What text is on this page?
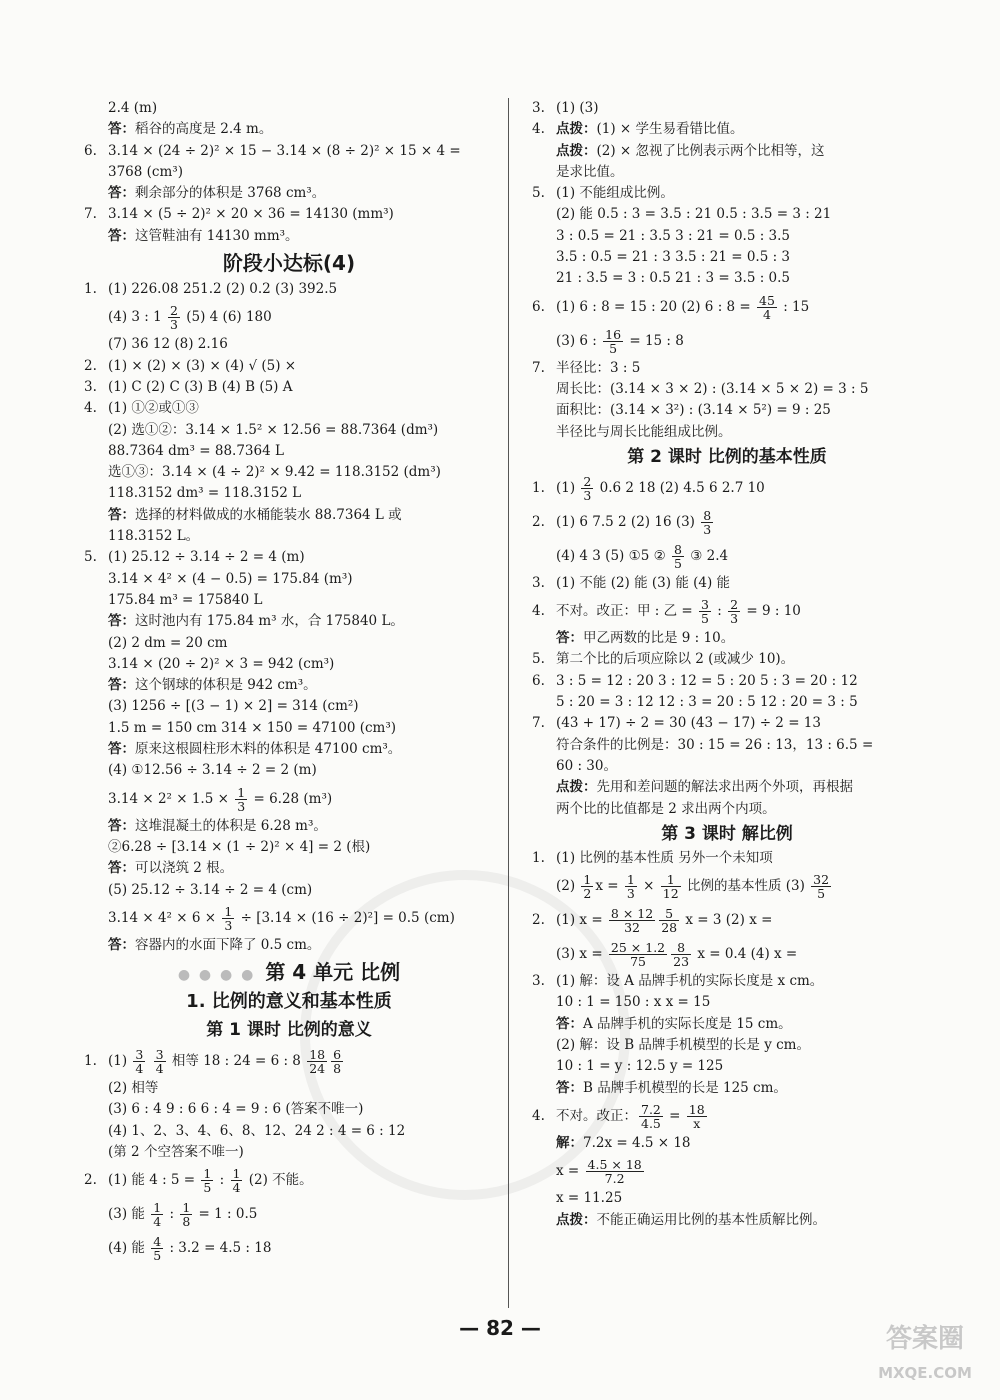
2.4 (m)
答：稻谷的高度是 2.4 m。
6. 3.14 × (24 ÷ 2)² × 15 − 3.14 × (8 ÷ 2)² × 15 × 4 =
3768 (cm³)
答：剩余部分的体积是 3768 cm³。
7. 3.14 × (5 ÷ 2)² × 20 × 36 = 14130 (mm³)
答：这管鞋油有 14130 mm³。
阶段小达标(4)
1. (1) 226.08 251.2 (2) 0.2 (3) 392.5
(4) 3 : $1 \frac{2}{3} (5)$ 4 (6) 180
(7) 36 12 (8) 2.16
2. (1) × (2) × (3) × (4) √ (5) ×
3. (1) C (2) C (3) B (4) B (5) A
4. (1) ①②或①③
(2) 选①②：3.14 × 1.5² × 12.56 = 88.7364 (dm³)
88.7364 dm³ = 88.7364 L
选①③：3.14 × (4 ÷ 2)² × 9.42 = 118.3152 (dm³)
118.3152 dm³ = 118.3152 L
答：选择的材料做成的水桶能装水 88.7364 L 或
118.3152 L。
5. (1) 25.12 ÷ 3.14 ÷ 2 = 4 (m)
3.14 × 4² × (4 − 0.5) = 175.84 (m³)
175.84 m³ = 175840 L
答：这时池内有 175.84 m³ 水，合 175840 L。
(2) 2 dm = 20 cm
3.14 × (20 ÷ 2)² × 3 = 942 (cm³)
答：这个钢球的体积是 942 cm³。
(3) 1256 ÷ [(3 − 1) × 2] = 314 (cm²)
1.5 m = 150 cm 314 × 150 = 47100 (cm³)
答：原来这根圆柱形木料的体积是 47100 cm³。
(4) ①12.56 ÷ 3.14 ÷ 2 = 2 (m)
$3.14 \times 2^2 \times 1.5 \times \frac{1}{3} = 6.28$ (m³)
答：这堆混凝土的体积是 6.28 m³。
②6.28 ÷ [3.14 × (1 ÷ 2)² × 4] = 2 (根)
答：可以浇筑 2 根。
(5) 25.12 ÷ 3.14 ÷ 2 = 4 (cm)
$3.14 \times 4^2 \times 6 \times \frac{1}{3} \div [3.14 \times (16 \div 2)^2] = 0.5$ (cm)
答：容器内的水面下降了 0.5 cm。
● ● ● ● 第 4 单元 比例
1. 比例的意义和基本性质
第 1 课时 比例的意义
1. $(1) \frac{3}{4}$
$\frac{3}{4}$ 相等 18 : 24 = 6 : $8 \frac{18}{24} \frac{6}{8}$
(2) 相等
(3) 6 : 4 9 : 6 6 : 4 = 9 : 6 (答案不唯一)
(4) 1、2、3、4、6、8、12、24 2 : 4 = 6 : 12
(第 2 个空答案不唯一)
2. (1) 能 4 : $5 = \frac{1}{5}$ : $\frac{1}{4} (2)$ 不能。
(3) 能 $\frac{1}{4}$ : $\frac{1}{8} = 1$ : 0.5
(4) 能 $\frac{4}{5}$ : 3.2 = 4.5 : 18
3. (1) (3)
4. 点拨：(1) × 学生易看错比值。
点拨：(2) × 忽视了比例表示两个比相等，这
是求比值。
5. (1) 不能组成比例。
(2) 能 0.5 : 3 = 3.5 : 21 0.5 : 3.5 = 3 : 21
3 : 0.5 = 21 : 3.5 3 : 21 = 0.5 : 3.5
3.5 : 0.5 = 21 : 3 3.5 : 21 = 0.5 : 3
21 : 3.5 = 3 : 0.5 21 : 3 = 3.5 : 0.5
6. (1) 6 : 8 = 15 : 20 (2) 6 : $8 = \frac{45}{4}$ : 15
(3) 6 : $\frac{16}{5} = 15$ : 8
7. 半径比：3 : 5
周长比：(3.14 × 3 × 2) : (3.14 × 5 × 2) = 3 : 5
面积比：(3.14 × 3²) : (3.14 × 5²) = 9 : 25
半径比与周长比能组成比例。
第 2 课时 比例的基本性质
1. $(1) \frac{2}{3} 0.6$ 2 18 (2) 4.5 6 2.7 10
2. (1) 6 7.5 2 (2) 16 $(3) \frac{8}{3}$
(4) 4 3 (5) ①5 ② $\frac{8}{5}$ ③ 2.4
3. (1) 不能 (2) 能 (3) 能 (4) 能
4. 不对。改正：甲 : 乙 = $\frac{3}{5}$ : $\frac{2}{3} = 9$ : 10
答：甲乙两数的比是 9 : 10。
5. 第二个比的后项应除以 2 (或减少 10)。
6. 3 : 5 = 12 : 20 3 : 12 = 5 : 20 5 : 3 = 20 : 12
5 : 20 = 3 : 12 12 : 3 = 20 : 5 12 : 20 = 3 : 5
7. (43 + 17) ÷ 2 = 30 (43 − 17) ÷ 2 = 13
符合条件的比例是：30 : 15 = 26 : 13，13 : 6.5 =
60 : 30。
点拨：先用和差问题的解法求出两个外项，再根据
两个比的比值都是 2 求出两个内项。
第 3 课时 解比例
1. (1) 比例的基本性质 另外一个未知项
$(2) \frac{1}{2}$ $x = \frac{1}{3} \times \frac{1}{12}$ 比例的基本性质 $(3) \frac{32}{5}$
2. (1) $x = \frac{8 \times 12}{32} \frac{5}{28}$ x = 3 (2) x =
(3) $x = \frac{25 \times 1.2}{75} \frac{8}{23}$ x = 0.4 (4) x =
3. (1) 解：设 A 品牌手机的实际长度是 x cm。
10 : 1 = 150 : x x = 15
答：A 品牌手机的实际长度是 15 cm。
(2) 解：设 B 品牌手机模型的长是 y cm。
10 : 1 = y : 12.5 y = 125
答：B 品牌手机模型的长是 125 cm。
4. 不对。改正： $\frac{7.2}{4.5} = \frac{18}{x}$
解：7.2x = 4.5 × 18
$x = \frac{4.5 \times 18}{7.2}$
x = 11.25
点拨：不能正确运用比例的基本性质解比例。
— 82 —	答案圈
MXQE.COM
